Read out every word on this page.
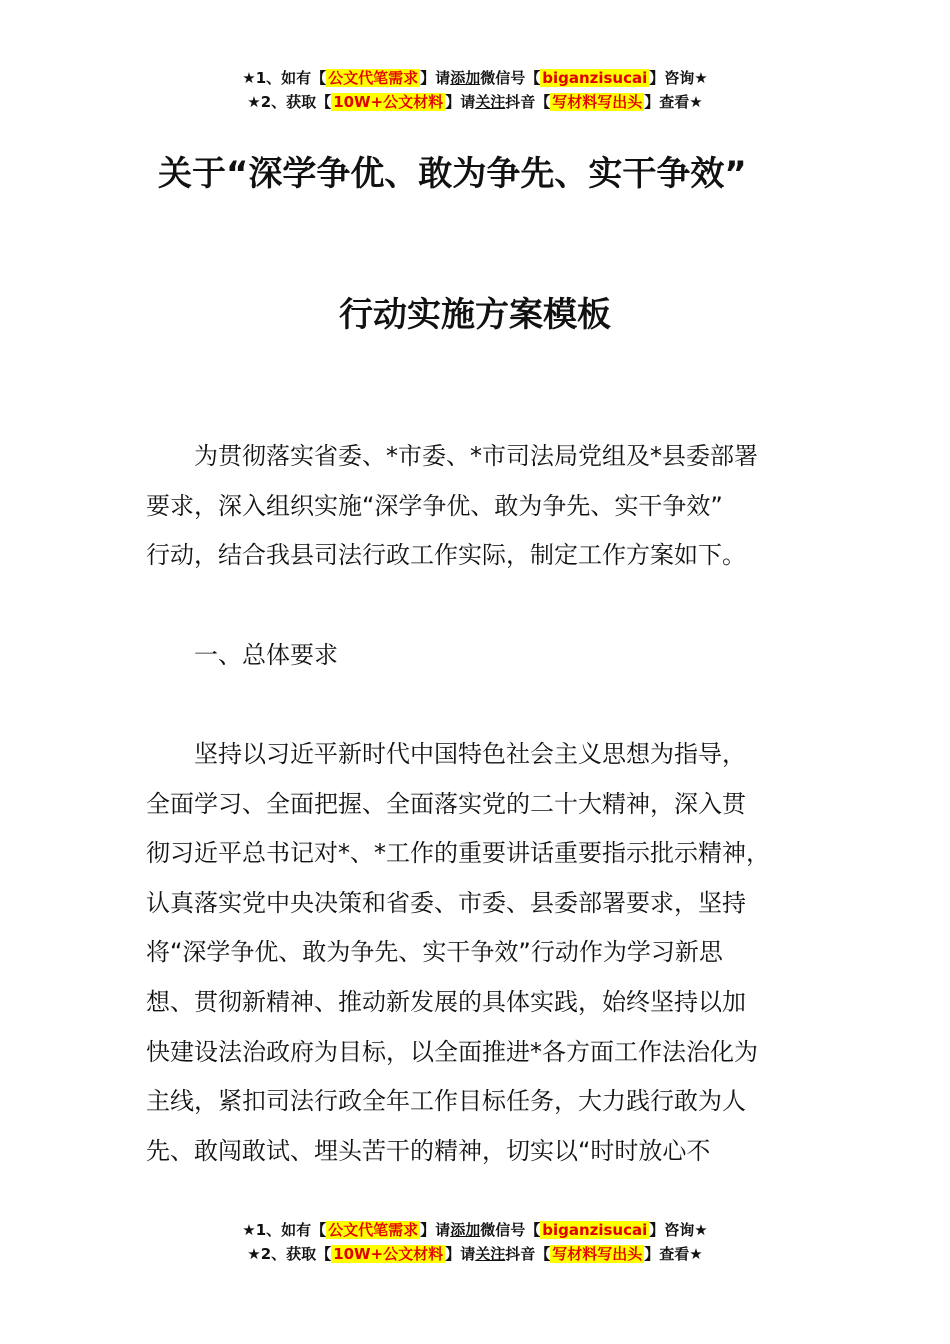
★1、如有【 公文代笔需求 】请添加微信号【 biganzisucai 】咨询★
★2、获取【 10W+公文材料 】请关注抖音【 写材料写出头 】查看★
关于“深学争优、敢为争先、实干争效”
行动实施方案模板
为贯彻落实省委、*市委、*市司法局党组及*县委部署
要求，深入组织实施“深学争优、敢为争先、实干争效”
行动，结合我县司法行政工作实际，制定工作方案如下。
一、总体要求
坚持以习近平新时代中国特色社会主义思想为指导，
全面学习、全面把握、全面落实党的二十大精神，深入贯
彻习近平总书记对*、*工作的重要讲话重要指示批示精神，
认真落实党中央决策和省委、市委、县委部署要求，坚持
将“深学争优、敢为争先、实干争效”行动作为学习新思
想、贯彻新精神、推动新发展的具体实践，始终坚持以加
快建设法治政府为目标，以全面推进*各方面工作法治化为
主线，紧扣司法行政全年工作目标任务，大力践行敢为人
先、敢闯敢试、埋头苦干的精神，切实以“时时放心不
★1、如有【 公文代笔需求 】请添加微信号【 biganzisucai 】咨询★
★2、获取【 10W+公文材料 】请关注抖音【 写材料写出头 】查看★
